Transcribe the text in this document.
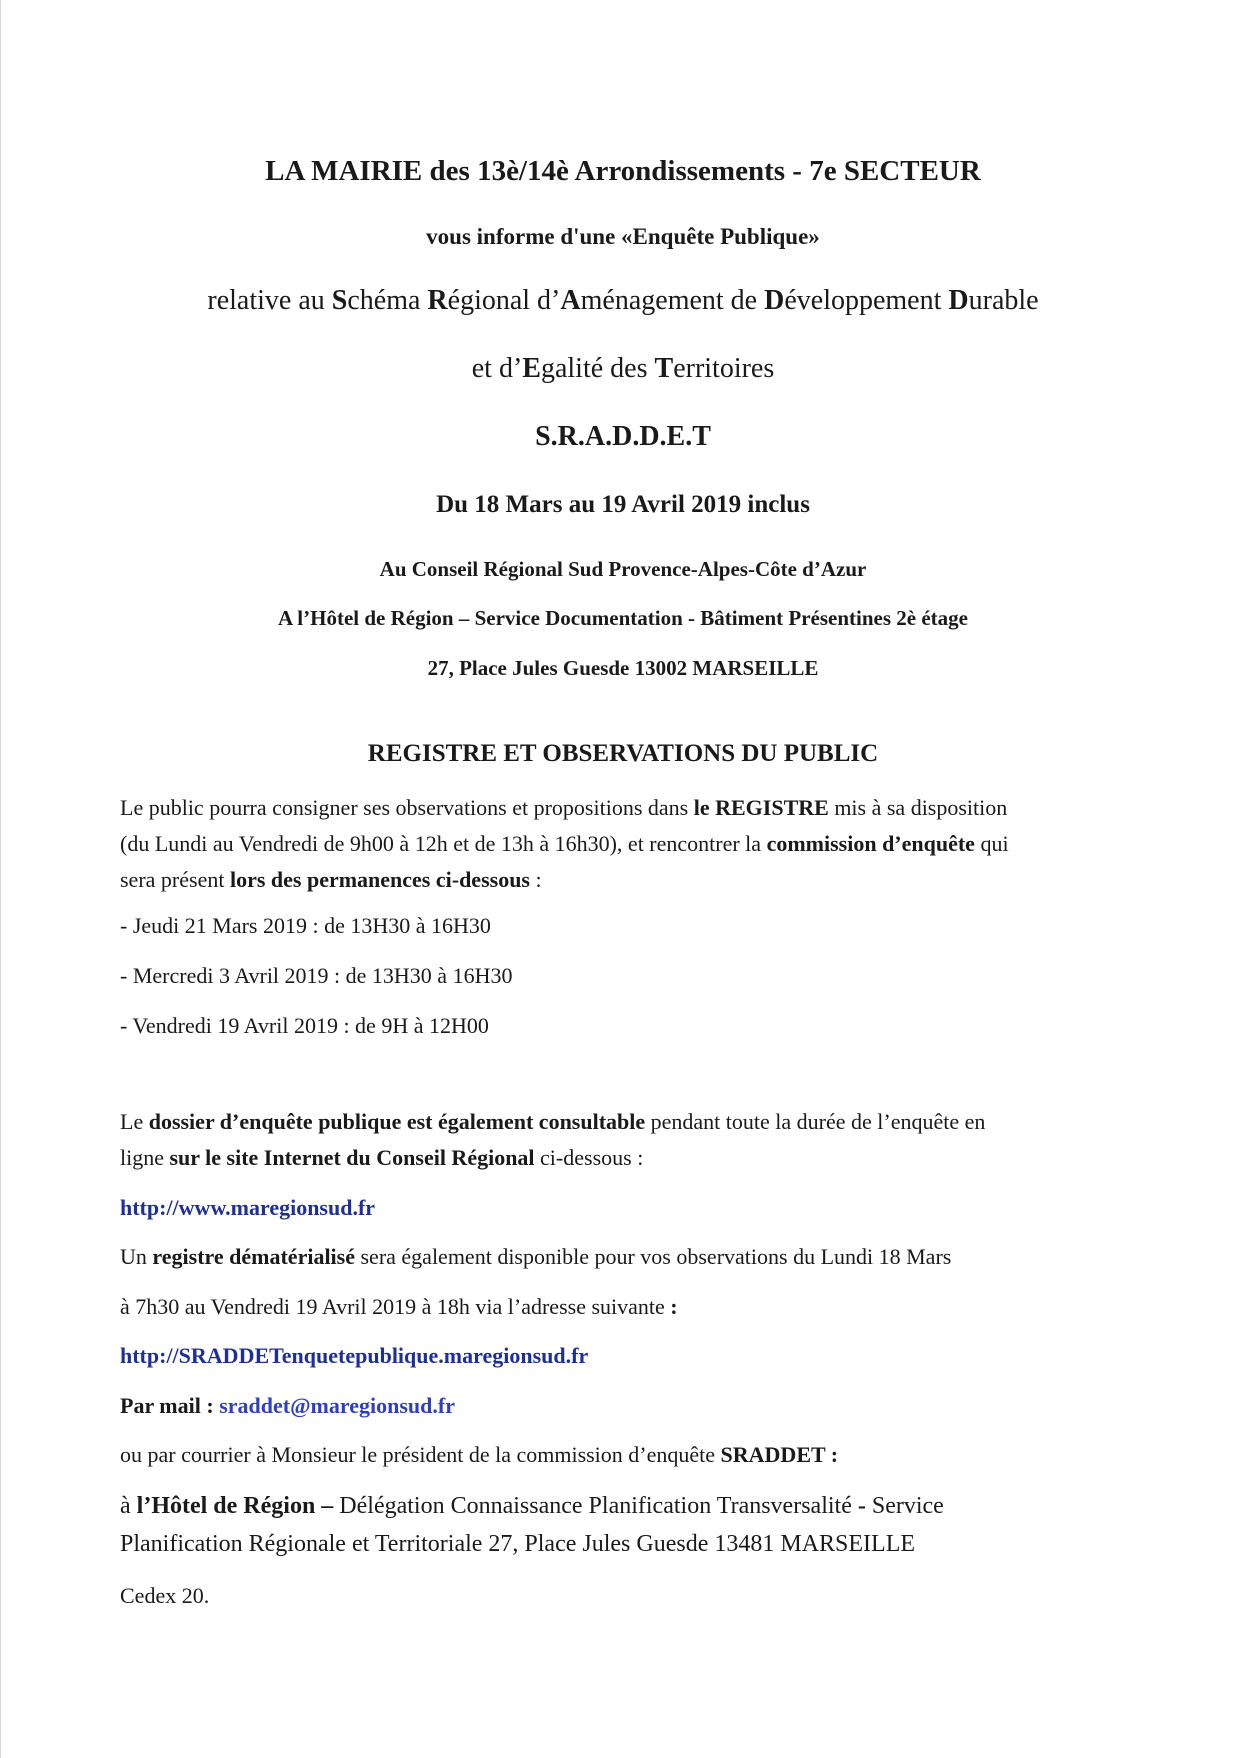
LA MAIRIE des 13è/14è Arrondissements - 7e SECTEUR
vous informe d'une «Enquête Publique»
relative au Schéma Régional d’Aménagement de Développement Durable
et d’Egalité des Territoires
S.R.A.D.D.E.T
Du 18 Mars au 19 Avril 2019 inclus
Au Conseil Régional Sud Provence-Alpes-Côte d’Azur
A l’Hôtel de Région – Service Documentation - Bâtiment Présentines 2è étage
27, Place Jules Guesde 13002 MARSEILLE
REGISTRE ET OBSERVATIONS DU PUBLIC
Le public pourra consigner ses observations et propositions dans le REGISTRE mis à sa disposition
(du Lundi au Vendredi de 9h00 à 12h et de 13h à 16h30), et rencontrer la commission d’enquête qui
sera présent lors des permanences ci-dessous :
- Jeudi 21 Mars 2019 : de 13H30 à 16H30
- Mercredi 3 Avril 2019 : de 13H30 à 16H30
- Vendredi 19 Avril 2019 : de 9H à 12H00
Le dossier d’enquête publique est également consultable pendant toute la durée de l’enquête en
ligne sur le site Internet du Conseil Régional ci-dessous :
http://www.maregionsud.fr
Un registre dématérialisé sera également disponible pour vos observations du Lundi 18 Mars
à 7h30 au Vendredi 19 Avril 2019 à 18h via l’adresse suivante :
http://SRADDETenquetepublique.maregionsud.fr
Par mail : sraddet@maregionsud.fr
ou par courrier à Monsieur le président de la commission d’enquête SRADDET :
à l’Hôtel de Région – Délégation Connaissance Planification Transversalité - Service
Planification Régionale et Territoriale 27, Place Jules Guesde 13481 MARSEILLE
Cedex 20.
